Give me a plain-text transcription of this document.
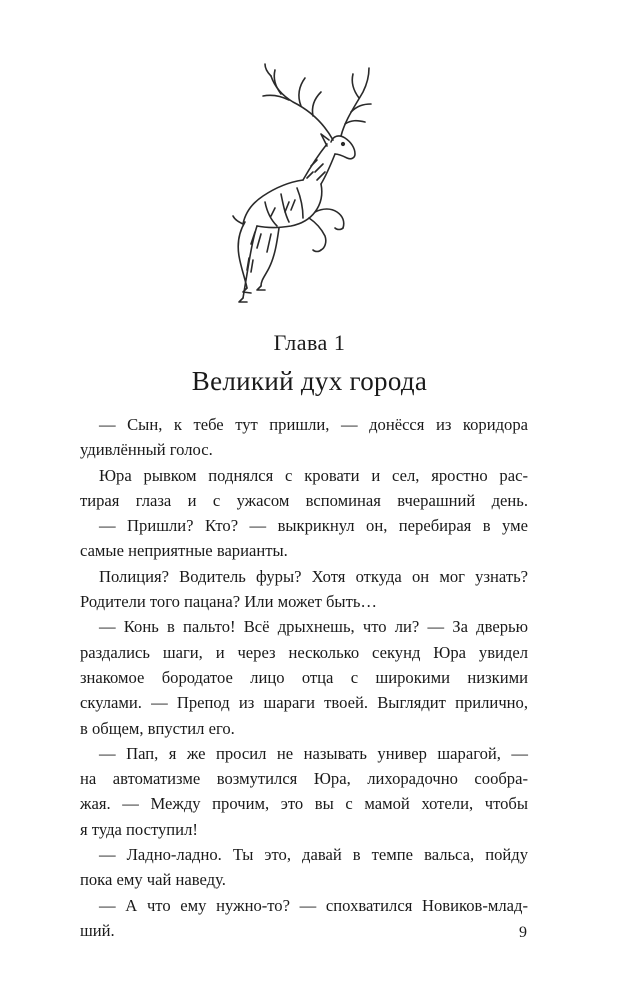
Глава 1
Великий дух города
— Сын, к тебе тут пришли, — донёсся из коридора
удивлённый голос.
Юра рывком поднялся с кровати и сел, яростно рас-
тирая глаза и с ужасом вспоминая вчерашний день.
— Пришли? Кто? — выкрикнул он, перебирая в уме
самые неприятные варианты.
Полиция? Водитель фуры? Хотя откуда он мог узнать?
Родители того пацана? Или может быть…
— Конь в пальто! Всё дрыхнешь, что ли? — За дверью
раздались шаги, и через несколько секунд Юра увидел
знакомое бородатое лицо отца с широкими низкими
скулами. — Препод из шараги твоей. Выглядит прилично,
в общем, впустил его.
— Пап, я же просил не называть универ шарагой, —
на автоматизме возмутился Юра, лихорадочно сообра-
жая. — Между прочим, это вы с мамой хотели, чтобы
я туда поступил!
— Ладно-ладно. Ты это, давай в темпе вальса, пойду
пока ему чай наведу.
— А что ему нужно-то? — спохватился Новиков-млад-
ший.	9
